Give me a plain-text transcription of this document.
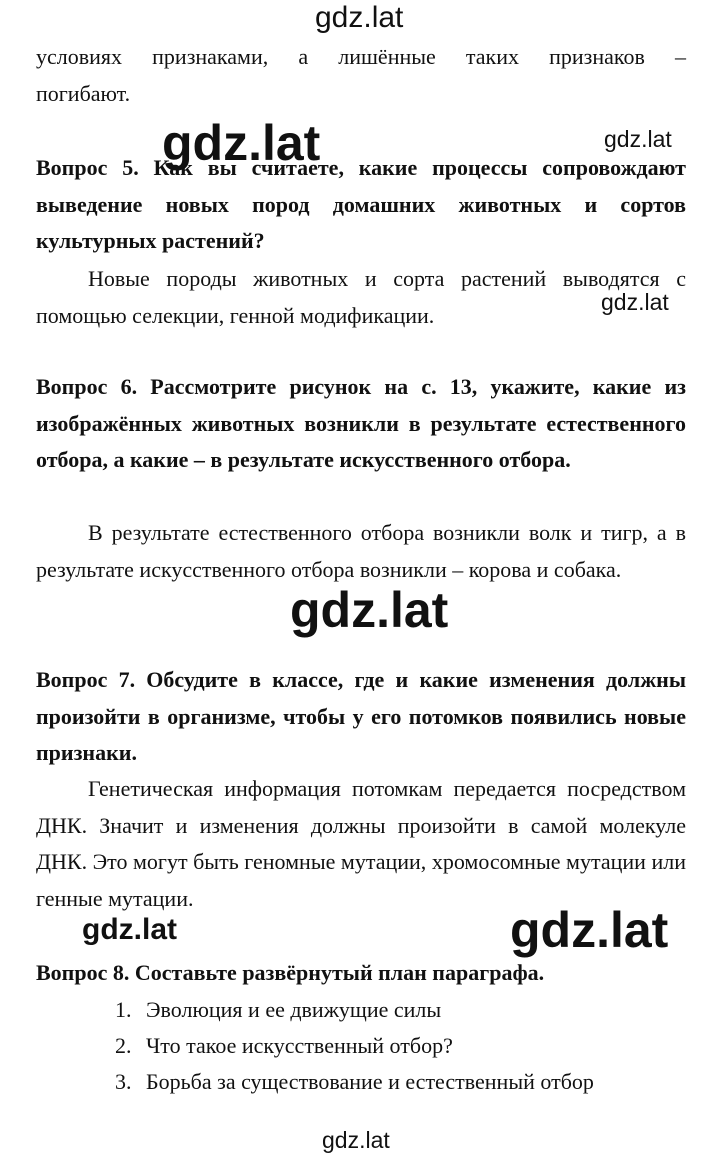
gdz.lat
условиях признаками, а лишённые таких признаков –
погибают.
gdz.lat	gdz.lat
Вопрос 5. Как вы считаете, какие процессы сопровождают выведение новых пород домашних животных и сортов культурных растений?
Новые породы животных и сорта растений выводятся с помощью селекции, генной модификации.	gdz.lat
Вопрос 6. Рассмотрите рисунок на с. 13, укажите, какие из изображённых животных возникли в результате естественного отбора, а какие – в результате искусственного отбора.
В результате естественного отбора возникли волк и тигр, а в результате искусственного отбора возникли – корова и собака.
gdz.lat
Вопрос 7. Обсудите в классе, где и какие изменения должны произойти в организме, чтобы у его потомков появились новые признаки.
Генетическая информация потомкам передается посредством ДНК. Значит и изменения должны произойти в самой молекуле ДНК. Это могут быть геномные мутации, хромосомные мутации или генные мутации.
gdz.lat	gdz.lat
Вопрос 8. Составьте развёрнутый план параграфа.
1. Эволюция и ее движущие силы
2. Что такое искусственный отбор?
3. Борьба за существование и естественный отбор
gdz.lat
